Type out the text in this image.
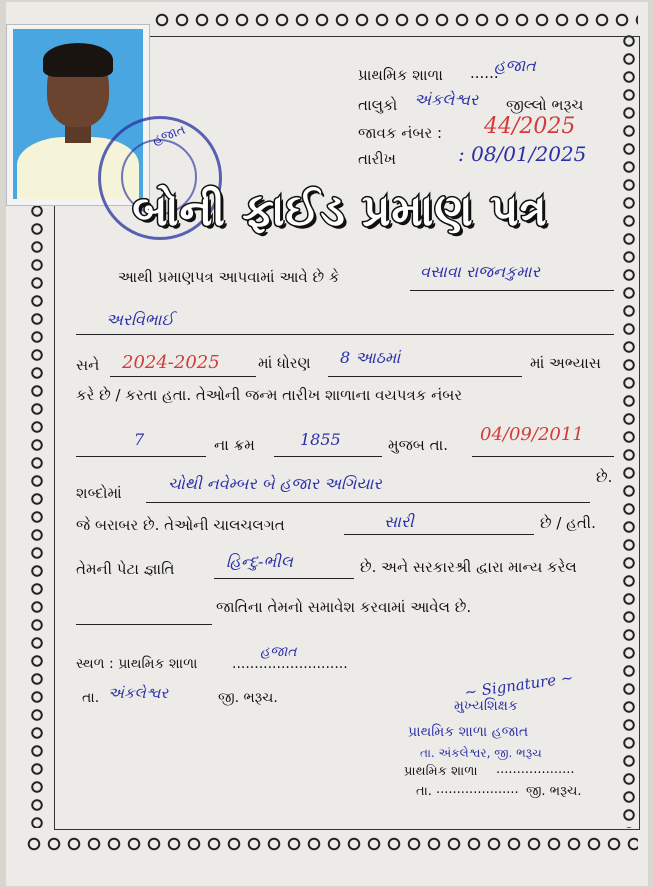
હજાત
પ્રાથમિક શાળા ......
હજાત
તાલુકો અંકલેશ્વર જીલ્લો ભરૂચ
જાવક નંબર : 44/2025
તારીખ	: 08/01/2025
બોની ફાઈડ પ્રમાણ પત્ર
આથી પ્રમાણપત્ર આપવામાં આવે છે કે	વસાવા રાજનકુમાર
અરવિભાઈ
સને 2024-2025	માં ધોરણ 8 આઠમાં	માં અભ્યાસ
કરે છે / કરતા હતા. તેઓની જન્મ તારીખ શાળાના વયપત્રક નંબર
7	ના ક્રમ	1855	મુજબ તા. 04/09/2011
શબ્દોમાં	ચોથી નવેમ્બર બે હજાર અગિયાર	છે.
જે બરાબર છે. તેઓની ચાલચલગત	સારી	છે / હતી.
તેમની પેટા જ્ઞાતિ	હિન્દુ-ભીલ	છે. અને સરકારશ્રી દ્વારા માન્ય કરેલ
જાતિના તેમનો સમાવેશ કરવામાં આવેલ છે.
સ્થળ : પ્રાથમિક શાળા ..........................
હજાત
તા. અંકલેશ્વર	જી. ભરૂચ.	~ Signature ~
મુખ્યશિક્ષક
પ્રાથમિક શાળા હજાત
તા. અંકલેશ્વર, જી. ભરૂચ
પ્રાથમિક શાળા ...................
તા. .................... જી. ભરૂચ.
